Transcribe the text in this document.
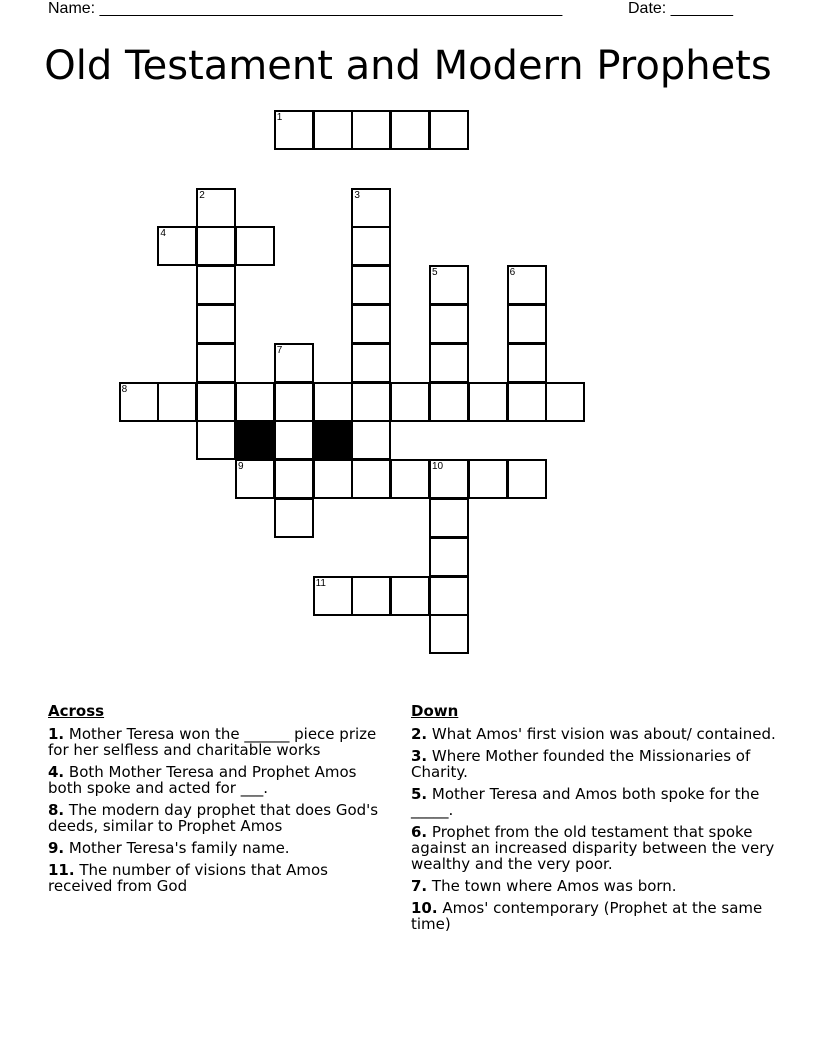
Name: ____________________________________________________	Date: _______
Old Testament and Modern Prophets
1
2	3
4
5	6
7
8
9	10
11
Across
1. Mother Teresa won the ______ piece prize for her selfless and charitable works
4. Both Mother Teresa and Prophet Amos both spoke and acted for ___.
8. The modern day prophet that does God's deeds, similar to Prophet Amos
9. Mother Teresa's family name.
11. The number of visions that Amos received from God
Down
2. What Amos' first vision was about/ contained.
3. Where Mother founded the Missionaries of Charity.
5. Mother Teresa and Amos both spoke for the _____.
6. Prophet from the old testament that spoke against an increased disparity between the very wealthy and the very poor.
7. The town where Amos was born.
10. Amos' contemporary (Prophet at the same time)
